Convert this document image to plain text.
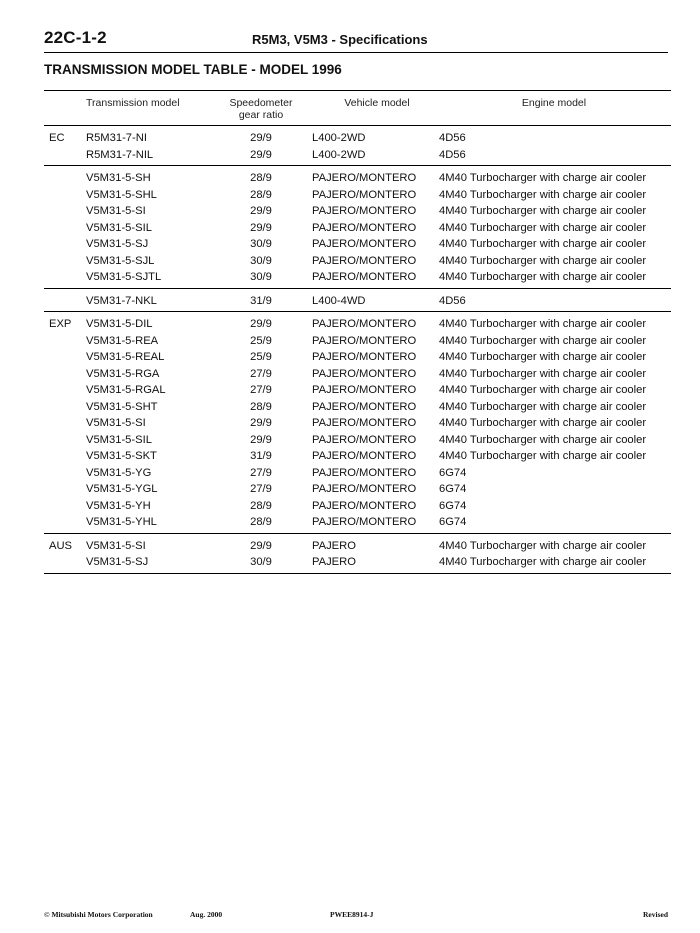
22C-1-2	R5M3, V5M3 - Specifications
TRANSMISSION MODEL TABLE - MODEL 1996
Transmission model	Speedometer
gear ratio
Vehicle model	Engine model
EC R5M31-7-NI	29/9	L400-2WD	4D56
R5M31-7-NIL	29/9	L400-2WD	4D56
V5M31-5-SH	28/9	PAJERO/MONTERO 4M40 Turbocharger with charge air cooler
V5M31-5-SHL	28/9	PAJERO/MONTERO 4M40 Turbocharger with charge air cooler
V5M31-5-SI	29/9	PAJERO/MONTERO 4M40 Turbocharger with charge air cooler
V5M31-5-SIL	29/9	PAJERO/MONTERO 4M40 Turbocharger with charge air cooler
V5M31-5-SJ	30/9	PAJERO/MONTERO 4M40 Turbocharger with charge air cooler
V5M31-5-SJL	30/9	PAJERO/MONTERO 4M40 Turbocharger with charge air cooler
V5M31-5-SJTL	30/9	PAJERO/MONTERO 4M40 Turbocharger with charge air cooler
V5M31-7-NKL	31/9	L400-4WD	4D56
EXP V5M31-5-DIL	29/9	PAJERO/MONTERO 4M40 Turbocharger with charge air cooler
V5M31-5-REA	25/9	PAJERO/MONTERO 4M40 Turbocharger with charge air cooler
V5M31-5-REAL	25/9	PAJERO/MONTERO 4M40 Turbocharger with charge air cooler
V5M31-5-RGA	27/9	PAJERO/MONTERO 4M40 Turbocharger with charge air cooler
V5M31-5-RGAL	27/9	PAJERO/MONTERO 4M40 Turbocharger with charge air cooler
V5M31-5-SHT	28/9	PAJERO/MONTERO 4M40 Turbocharger with charge air cooler
V5M31-5-SI	29/9	PAJERO/MONTERO 4M40 Turbocharger with charge air cooler
V5M31-5-SIL	29/9	PAJERO/MONTERO 4M40 Turbocharger with charge air cooler
V5M31-5-SKT	31/9	PAJERO/MONTERO 4M40 Turbocharger with charge air cooler
V5M31-5-YG	27/9	PAJERO/MONTERO 6G74
V5M31-5-YGL	27/9	PAJERO/MONTERO 6G74
V5M31-5-YH	28/9	PAJERO/MONTERO 6G74
V5M31-5-YHL	28/9	PAJERO/MONTERO 6G74
AUS V5M31-5-SI	29/9	PAJERO	4M40 Turbocharger with charge air cooler
V5M31-5-SJ	30/9	PAJERO	4M40 Turbocharger with charge air cooler
© Mitsubishi Motors Corporation	Aug. 2000	PWEE8914-J	Revised
